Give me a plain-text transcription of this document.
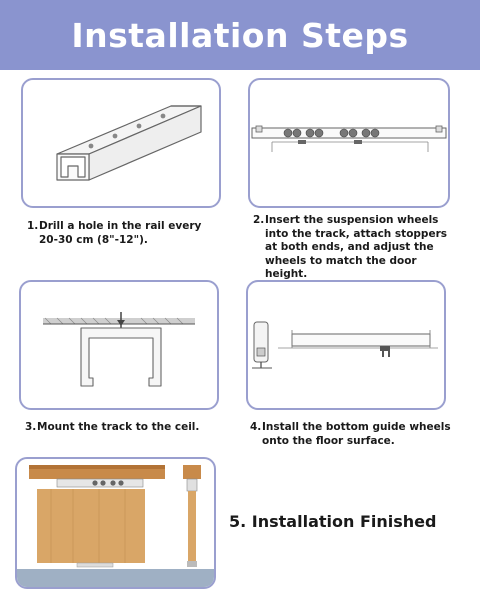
Installation Steps
1. Drill a hole in the rail every 20-30 cm (8"-12").
2. Insert the suspension wheels into the track, attach stoppers at both ends, and adjust the wheels to match the door height.
3. Mount the track to the ceil.	4. Install the bottom guide wheels onto the floor surface.
5. Installation Finished
